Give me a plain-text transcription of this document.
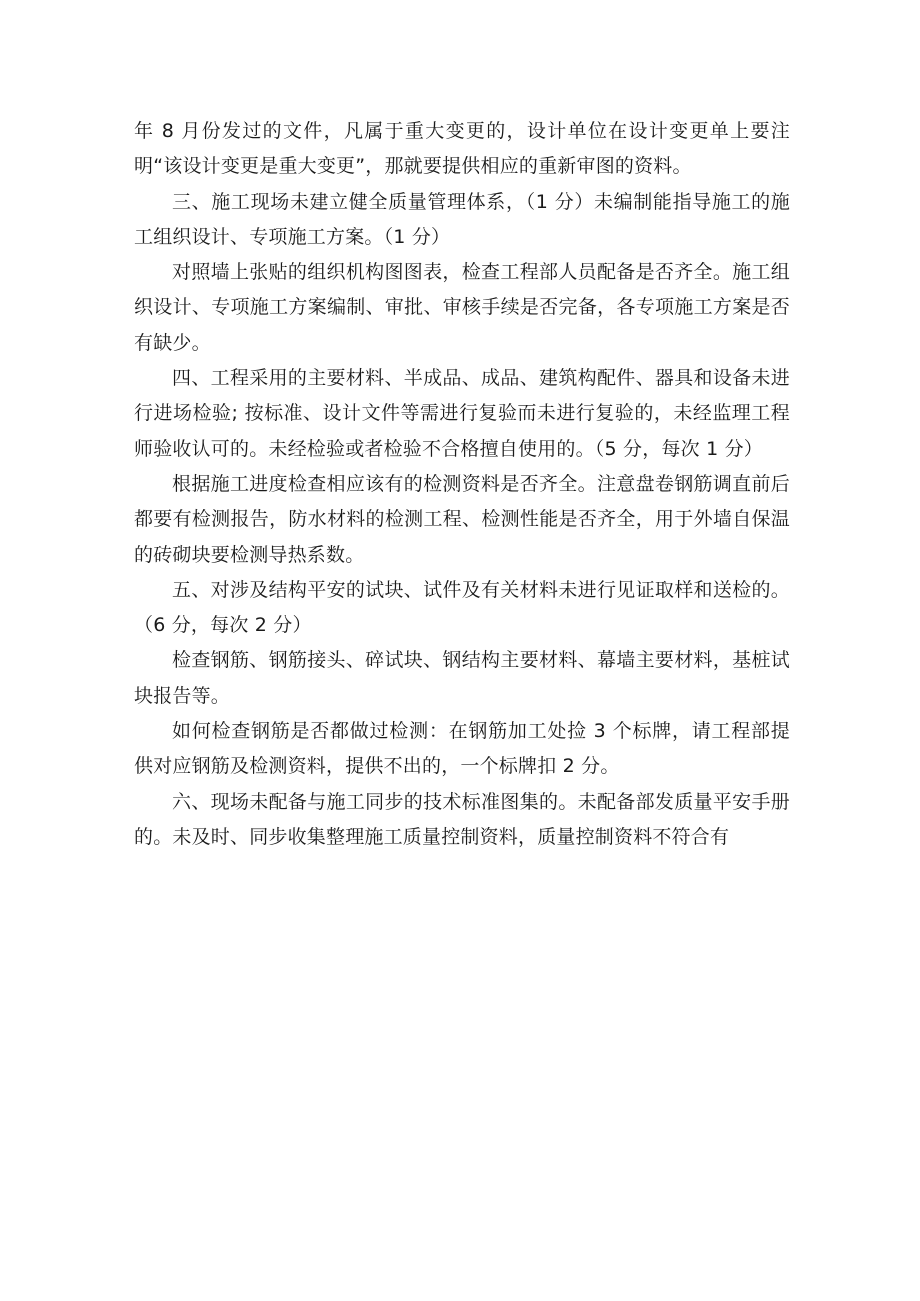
年 8 月份发过的文件，凡属于重大变更的，设计单位在设计变更单上要注明“该设计变更是重大变更”，那就要提供相应的重新审图的资料。

三、施工现场未建立健全质量管理体系，（1 分）未编制能指导施工的施工组织设计、专项施工方案。（1 分）

对照墙上张贴的组织机构图图表，检查工程部人员配备是否齐全。施工组织设计、专项施工方案编制、审批、审核手续是否完备，各专项施工方案是否有缺少。

四、工程采用的主要材料、半成品、成品、建筑构配件、器具和设备未进行进场检验; 按标准、设计文件等需进行复验而未进行复验的，未经监理工程师验收认可的。未经检验或者检验不合格擅自使用的。（5 分，每次 1 分）

根据施工进度检查相应该有的检测资料是否齐全。注意盘卷钢筋调直前后都要有检测报告，防水材料的检测工程、检测性能是否齐全，用于外墙自保温的砖砌块要检测导热系数。

五、对涉及结构平安的试块、试件及有关材料未进行见证取样和送检的。（6 分，每次 2 分）

检查钢筋、钢筋接头、碎试块、钢结构主要材料、幕墙主要材料，基桩试块报告等。

如何检查钢筋是否都做过检测：在钢筋加工处捡 3 个标牌，请工程部提供对应钢筋及检测资料，提供不出的，一个标牌扣 2 分。

六、现场未配备与施工同步的技术标准图集的。未配备部发质量平安手册的。未及时、同步收集整理施工质量控制资料，质量控制资料不符合有
